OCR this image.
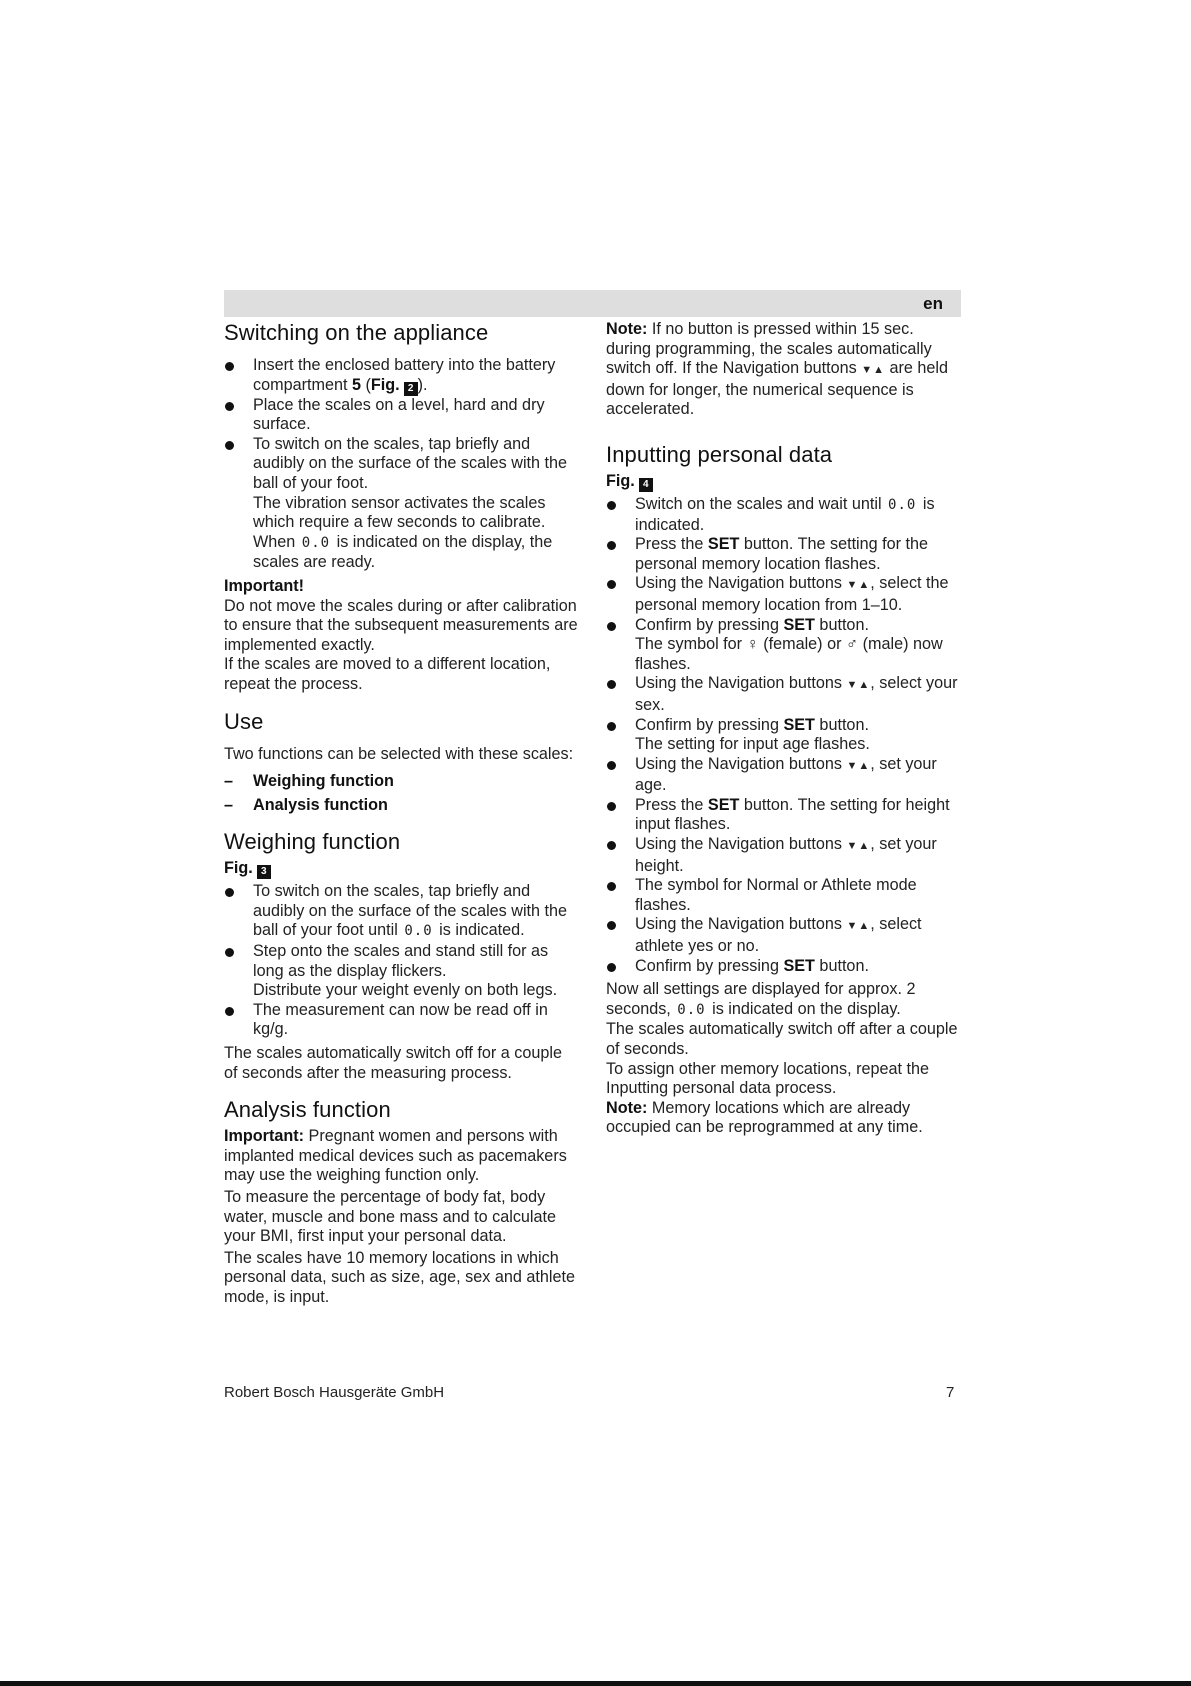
en
Switching on the appliance
Insert the enclosed battery into the battery compartment 5 (Fig. 2 ).
Place the scales on a level, hard and dry surface.
To switch on the scales, tap briefly and audibly on the surface of the scales with the ball of your foot.
The vibration sensor activates the scales which require a few seconds to calibrate.
When 0.0 is indicated on the display, the scales are ready.

Important!

Do not move the scales during or after calibration to ensure that the subsequent measurements are implemented exactly.

If the scales are moved to a different location, repeat the process.

Use

Two functions can be selected with these scales:

– Weighing function
– Analysis function
Weighing function

Fig. 3

To switch on the scales, tap briefly and audibly on the surface of the scales with the ball of your foot until 0.0 is indicated.
Step onto the scales and stand still for as long as the display flickers.
Distribute your weight evenly on both legs.
The measurement can now be read off in kg/g.

The scales automatically switch off for a couple of seconds after the measuring process.

Analysis function

Important: Pregnant women and persons with implanted medical devices such as pacemakers may use the weighing function only.

To measure the percentage of body fat, body water, muscle and bone mass and to calculate your BMI, first input your personal data.

The scales have 10 memory locations in which personal data, such as size, age, sex and athlete mode, is input.

Note: If no button is pressed within 15 sec. during programming, the scales automatically switch off. If the Navigation buttons ▼▲ are held down for longer, the numerical sequence is accelerated.

Inputting personal data

Fig. 4

Switch on the scales and wait until 0.0 is indicated.
Press the SET button. The setting for the personal memory location flashes.
Using the Navigation buttons ▼▲, select the personal memory location from 1–10.
Confirm by pressing SET button.
The symbol for ♀ (female) or ♂ (male) now flashes.
Using the Navigation buttons ▼▲, select your sex.
Confirm by pressing SET button.
The setting for input age flashes.
Using the Navigation buttons ▼▲, set your age.
Press the SET button. The setting for height input flashes.
Using the Navigation buttons ▼▲, set your height.
The symbol for Normal or Athlete mode flashes.
Using the Navigation buttons ▼▲, select athlete yes or no.
Confirm by pressing SET button.

Now all settings are displayed for approx. 2 seconds, 0.0 is indicated on the display.

The scales automatically switch off after a couple of seconds.

To assign other memory locations, repeat the Inputting personal data process.

Note: Memory locations which are already occupied can be reprogrammed at any time.

Robert Bosch Hausgeräte GmbH	7
